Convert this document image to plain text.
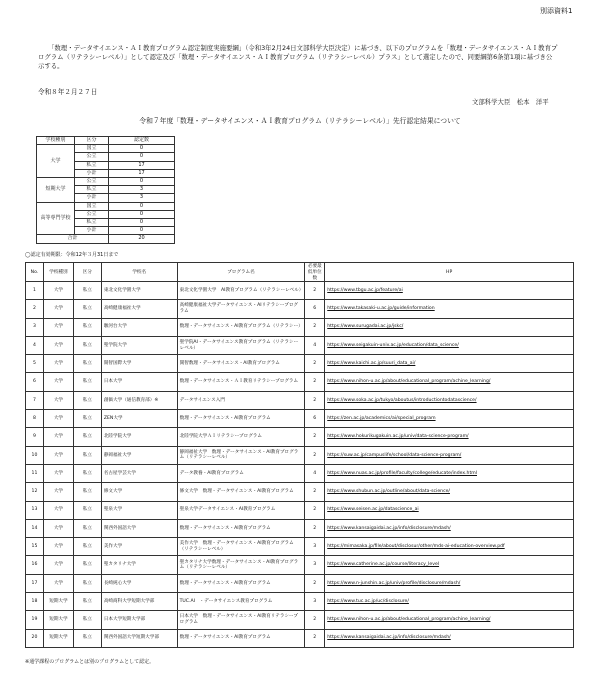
別添資料1
「数理・データサイエンス・ＡＩ教育プログラム認定制度実施要綱」（令和3年2月24日文部科学大臣決定）に基づき、以下のプログラムを「数理・データサイエンス・ＡＩ教育プログラム（リテラシーレベル）」として認定及び「数理・データサイエンス・ＡＩ教育プログラム（リテラシーレベル）プラス」として選定したので、同要綱第6条第1項に基づき公示する。
令和８年２月２７日
文部科学大臣　松本　洋平
令和７年度「数理・データサイエンス・ＡＩ教育プログラム（リテラシーレベル）」先行認定結果について
学校種別	区分	認定数
大学	国立	0
	公立	0
	私立	17
	小計	17
短期大学	公立	0
	私立	3
	小計	3
高等専門学校	国立	0
	公立	0
	私立	0
	小計	0
合計		20
◯認定有効期限：令和12年３月31日まで
No.	学校種別	区分	学校名	プログラム名	必要最低単位数	HP
1	大学	私立	東北文化学園大学	東北文化学園大学　AI教育プログラム（リテラシーレベル）	2	https://www.tbgu.ac.jp/feature/ai
2	大学	私立	高崎健康福祉大学	高崎健康福祉大学データサイエンス・AIリテラシープログラム	6	https://www.takasaki-u.ac.jp/guide/information
3	大学	私立	駿河台大学	数理・データサイエンス・AI教育プログラム（リテラシー）	2	https://www.surugadai.ac.jp/jskc/
4	大学	私立	聖学院大学	聖学院AI・データサイエンス教育プログラム（リテラシーレベル）	4	https://www.seigakuin-univ.ac.jp/education/data_science/
5	大学	私立	開智国際大学	開智数理・データサイエンス・AI教育プログラム	2	https://www.kaichi.ac.jp/suuri_data_ai/
6	大学	私立	日本大学	数理・データサイエンス・ＡＩ教育リテラシープログラム	2	https://www.nihon-u.ac.jp/about/educational_program/achine_learning/
7	大学	私立	創価大学（通信教育部）※	データサイエンス入門	2	https://www.soka.ac.jp/tukyo/aboutus/introductiontodatascience/
8	大学	私立	ZEN大学	数理・データサイエンス・AI教育プログラム	6	https://zen.ac.jp/academics/ai/special_program
9	大学	私立	北陸学院大学	北陸学院大学ＡＩリテラシープログラム	2	https://www.hokurikugakuin.ac.jp/univ/data-science-program/
10	大学	私立	静岡福祉大学	静岡福祉大学　数理・データサイエンス・AI教育プログラム（リテラシーレベル）	2	https://suw.ac.jp/campuslife/school/data-science-program/
11	大学	私立	名古屋学芸大学	データ教養・AI教育プログラム	4	https://www.nuas.ac.jp/profile/faculty/college/educate/index.html
12	大学	私立	修文大学	修文大学　数理・データサイエンス・AI教育プログラム	2	https://www.shubun.ac.jp/outline/about/data-science/
13	大学	私立	聖泉大学	聖泉大学データサイエンス・AI教育プログラム	2	https://www.seisen.ac.jp/datascience_ai
14	大学	私立	関西外国語大学	数理・データサイエンス・AI教育プログラム	2	https://www.kansaigaidai.ac.jp/info/disclosure/mdash/
15	大学	私立	美作大学	美作大学　数理・データサイエンス・AI教育プログラム（リテラシーレベル）	3	https://mimasaka.jp/file/about/disclosur/other/mds-ai-education-overview.pdf
16	大学	私立	聖カタリナ大学	聖カタリナ大学数理・データサイエンス・AI教育プログラム（リテラシーレベル）	3	https://www.catherine.ac.jp/course/literacy_level
17	大学	私立	長崎純心大学	数理・データサイエンス・AI教育プログラム	2	https://www.n-junshin.ac.jp/univ/profile/disclosure/mdash/
18	短期大学	私立	高崎商科大学短期大学部	TUC.AI　・データサイエンス教育プログラム	3	https://www.tuc.ac.jp/uc/disclosure/
19	短期大学	私立	日本大学短期大学部	日本大学　数理・データサイエンス・AI教育リテラシープログラム	2	https://www.nihon-u.ac.jp/about/educational_program/achine_learning/
20	短期大学	私立	関西外国語大学短期大学部	数理・データサイエンス・AI教育プログラム	2	https://www.kansaigaidai.ac.jp/info/disclosure/mdash/
※通学課程のプログラムとは別のプログラムとして認定。
